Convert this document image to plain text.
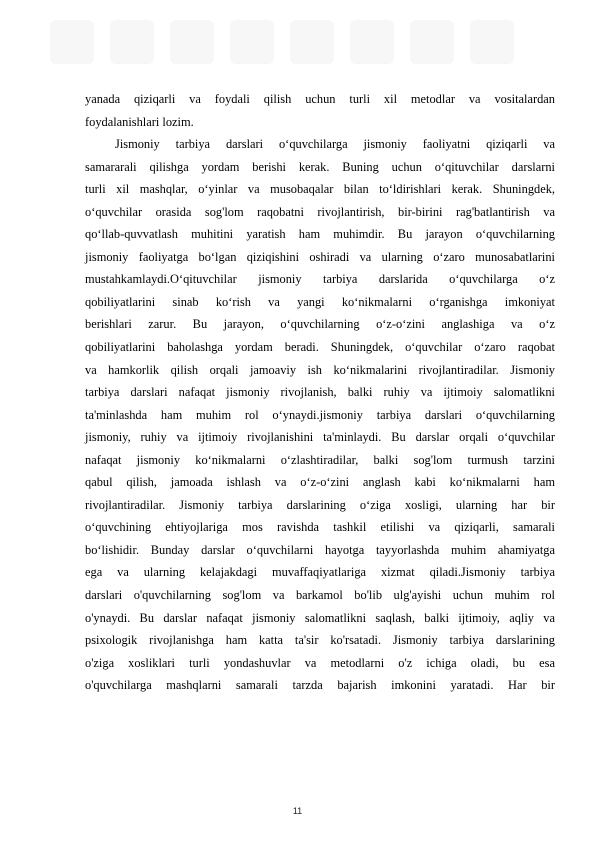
yanada qiziqarli va foydali qilish uchun turli xil metodlar va vositalardan
foydalanishlari lozim.
Jismoniy tarbiya darslari o‘quvchilarga jismoniy faoliyatni qiziqarli va
samararali qilishga yordam berishi kerak. Buning uchun o‘qituvchilar darslarni
turli xil mashqlar, o‘yinlar va musobaqalar bilan to‘ldirishlari kerak. Shuningdek,
o‘quvchilar orasida sog'lom raqobatni rivojlantirish, bir-birini rag'batlantirish va
qo‘llab-quvvatlash muhitini yaratish ham muhimdir. Bu jarayon o‘quvchilarning
jismoniy faoliyatga bo‘lgan qiziqishini oshiradi va ularning o‘zaro munosabatlarini
mustahkamlaydi.O‘qituvchilar jismoniy tarbiya darslarida o‘quvchilarga o‘z
qobiliyatlarini sinab ko‘rish va yangi ko‘nikmalarni o‘rganishga imkoniyat
berishlari zarur. Bu jarayon, o‘quvchilarning o‘z-o‘zini anglashiga va o‘z
qobiliyatlarini baholashga yordam beradi. Shuningdek, o‘quvchilar o‘zaro raqobat
va hamkorlik qilish orqali jamoaviy ish ko‘nikmalarini rivojlantiradilar. Jismoniy
tarbiya darslari nafaqat jismoniy rivojlanish, balki ruhiy va ijtimoiy salomatlikni
ta'minlashda ham muhim rol o‘ynaydi.jismoniy tarbiya darslari o‘quvchilarning
jismoniy, ruhiy va ijtimoiy rivojlanishini ta'minlaydi. Bu darslar orqali o‘quvchilar
nafaqat jismoniy ko‘nikmalarni o‘zlashtiradilar, balki sog'lom turmush tarzini
qabul qilish, jamoada ishlash va o‘z-o‘zini anglash kabi ko‘nikmalarni ham
rivojlantiradilar. Jismoniy tarbiya darslarining o‘ziga xosligi, ularning har bir
o‘quvchining ehtiyojlariga mos ravishda tashkil etilishi va qiziqarli, samarali
bo‘lishidir. Bunday darslar o‘quvchilarni hayotga tayyorlashda muhim ahamiyatga
ega va ularning kelajakdagi muvaffaqiyatlariga xizmat qiladi.Jismoniy tarbiya
darslari o'quvchilarning sog'lom va barkamol bo'lib ulg'ayishi uchun muhim rol
o'ynaydi. Bu darslar nafaqat jismoniy salomatlikni saqlash, balki ijtimoiy, aqliy va
psixologik rivojlanishga ham katta ta'sir ko'rsatadi. Jismoniy tarbiya darslarining
o'ziga xosliklari turli yondashuvlar va metodlarni o'z ichiga oladi, bu esa
o'quvchilarga mashqlarni samarali tarzda bajarish imkonini yaratadi. Har bir
11
